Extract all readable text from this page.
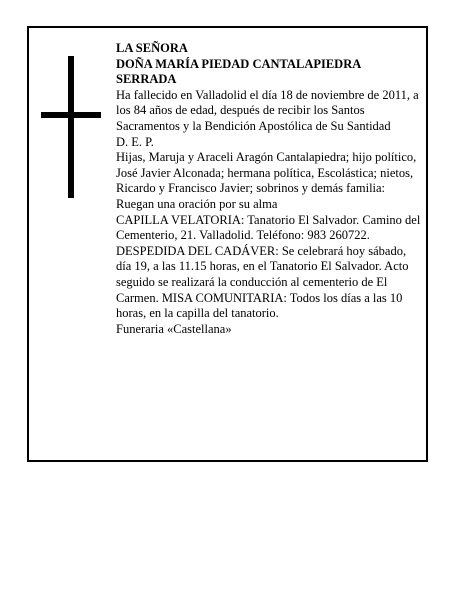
LA SEÑORA

DOÑA MARÍA PIEDAD CANTALAPIEDRA SERRADA

Ha fallecido en Valladolid el día 18 de noviembre de 2011, a los 84 años de edad, después de recibir los Santos Sacramentos y la Bendición Apostólica de Su Santidad

D. E. P.

Hijas, Maruja y Araceli Aragón Cantalapiedra; hijo político, José Javier Alconada; hermana política, Escolástica; nietos, Ricardo y Francisco Javier; sobrinos y demás familia:

Ruegan una oración por su alma

CAPILLA VELATORIA: Tanatorio El Salvador. Camino del Cementerio, 21. Valladolid. Teléfono: 983 260722.

DESPEDIDA DEL CADÁVER: Se celebrará hoy sábado, día 19, a las 11.15 horas, en el Tanatorio El Salvador. Acto seguido se realizará la conducción al cementerio de El Carmen. MISA COMUNITARIA: Todos los días a las 10 horas, en la capilla del tanatorio.

Funeraria «Castellana»
